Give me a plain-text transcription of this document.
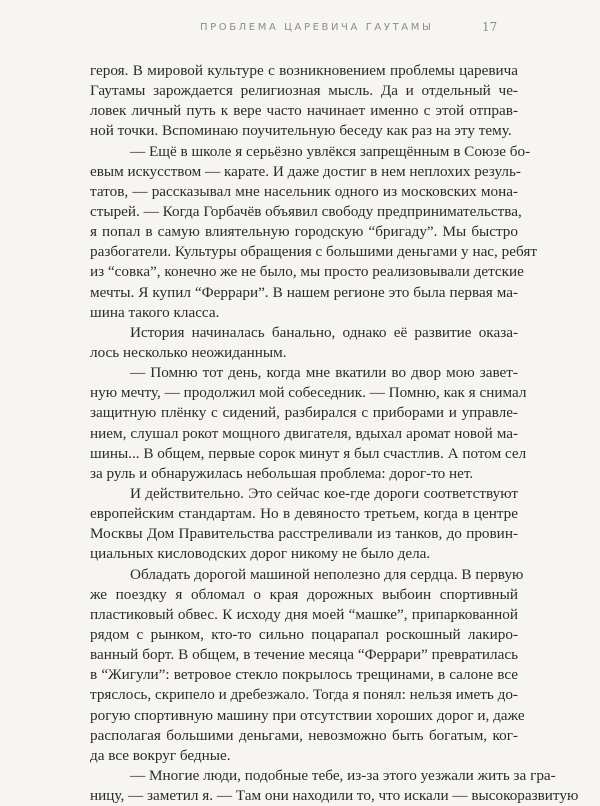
ПРОБЛЕМА ЦАРЕВИЧА ГАУТАМЫ	17
героя. В мировой культуре с возникновением проблемы царевича
Гаутамы зарождается религиозная мысль. Да и отдельный че-
ловек личный путь к вере часто начинает именно с этой отправ-
ной точки. Вспоминаю поучительную беседу как раз на эту тему.
— Ещё в школе я серьёзно увлёкся запрещённым в Союзе бо-
евым искусством — карате. И даже достиг в нем неплохих резуль-
татов, — рассказывал мне насельник одного из московских мона-
стырей. — Когда Горбачёв объявил свободу предпринимательства,
я попал в самую влиятельную городскую “бригаду”. Мы быстро
разбогатели. Культуры обращения с большими деньгами у нас, ребят
из “совка”, конечно же не было, мы просто реализовывали детские
мечты. Я купил “Феррари”. В нашем регионе это была первая ма-
шина такого класса.
История начиналась банально, однако её развитие оказа-
лось несколько неожиданным.
— Помню тот день, когда мне вкатили во двор мою завет-
ную мечту, — продолжил мой собеседник. — Помню, как я снимал
защитную плёнку с сидений, разбирался с приборами и управле-
нием, слушал рокот мощного двигателя, вдыхал аромат новой ма-
шины... В общем, первые сорок минут я был счастлив. А потом сел
за руль и обнаружилась небольшая проблема: дорог-то нет.
И действительно. Это сейчас кое-где дороги соответствуют
европейским стандартам. Но в девяносто третьем, когда в центре
Москвы Дом Правительства расстреливали из танков, до провин-
циальных кисловодских дорог никому не было дела.
Обладать дорогой машиной неполезно для сердца. В первую
же поездку я обломал о края дорожных выбоин спортивный
пластиковый обвес. К исходу дня моей “машке”, припаркованной
рядом с рынком, кто-то сильно поцарапал роскошный лакиро-
ванный борт. В общем, в течение месяца “Феррари” превратилась
в “Жигули”: ветровое стекло покрылось трещинами, в салоне все
тряслось, скрипело и дребезжало. Тогда я понял: нельзя иметь до-
рогую спортивную машину при отсутствии хороших дорог и, даже
располагая большими деньгами, невозможно быть богатым, ког-
да все вокруг бедные.
— Многие люди, подобные тебе, из-за этого уезжали жить за гра-
ницу, — заметил я. — Там они находили то, что искали — высокоразвитую
